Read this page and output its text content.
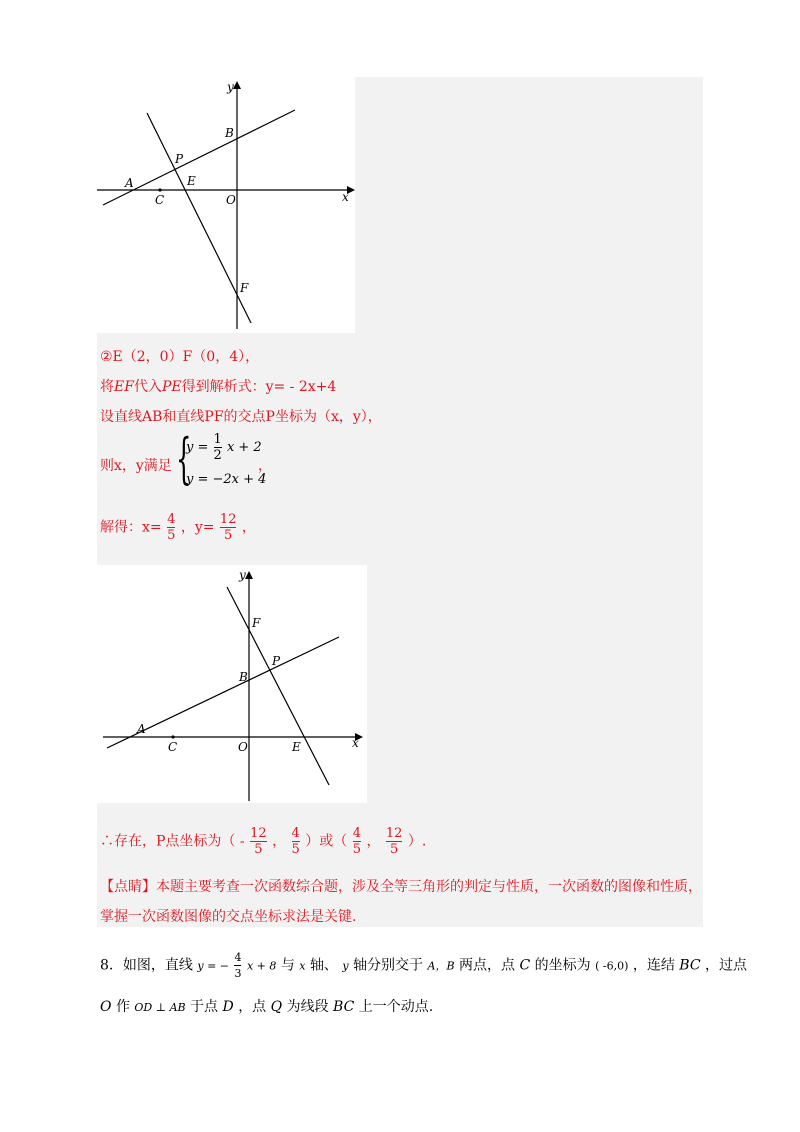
y
x
B
P
A	E
C	O
F
②E（2，0）F（0，4），
将EF代入PE得到解析式：y= - 2x+4
设直线AB和直线PF的交点P坐标为（x，y），
则x，y满足	，
{
$y = \frac{1}{2}$ x + 2
y = −2x + 4
解得：$x= \frac{4}{5}$ ，$y= \frac{12}{5}$ ，
y
x
F
P
B
A
C	O	E
∴存在，P点坐标为（ - $\frac{12}{5}$ ， $\frac{4}{5}$ ）或（ $\frac{4}{5}$ ， $\frac{12}{5}$ ）.
【点睛】本题主要考查一次函数综合题，涉及全等三角形的判定与性质，一次函数的图像和性质，
掌握一次函数图像的交点坐标求法是关键.
8．如图，直线 y = − $\frac{4}{3}$ x + 8 与 x 轴、 y 轴分别交于 A，B 两点，点 C 的坐标为 ( -6,0) ，连结 BC ，过点
O 作 OD ⊥ AB 于点 D ，点 Q 为线段 BC 上一个动点.
